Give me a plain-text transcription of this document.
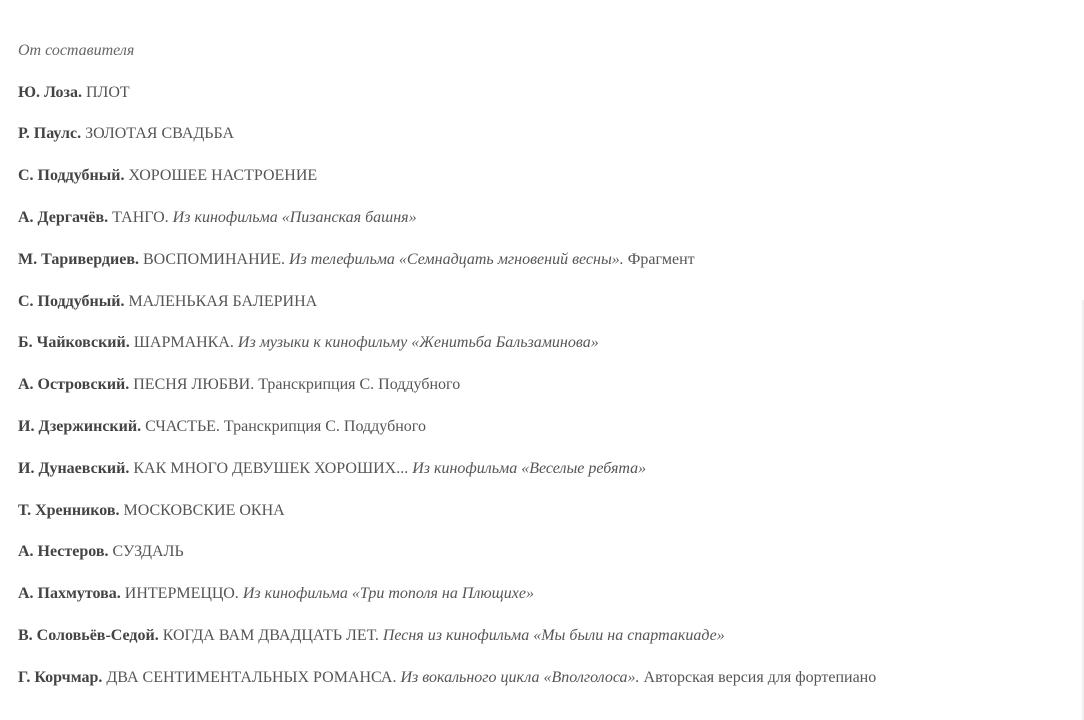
От составителя
Ю. Лоза. ПЛОТ
Р. Паулс. ЗОЛОТАЯ СВАДЬБА
С. Поддубный. ХОРОШЕЕ НАСТРОЕНИЕ
А. Дергачёв. ТАНГО. Из кинофильма «Пизанская башня»
М. Таривердиев. ВОСПОМИНАНИЕ. Из телефильма «Семнадцать мгновений весны». Фрагмент
С. Поддубный. МАЛЕНЬКАЯ БАЛЕРИНА
Б. Чайковский. ШАРМАНКА. Из музыки к кинофильму «Женитьба Бальзаминова»
А. Островский. ПЕСНЯ ЛЮБВИ. Транскрипция С. Поддубного
И. Дзержинский. СЧАСТЬЕ. Транскрипция С. Поддубного
И. Дунаевский. КАК МНОГО ДЕВУШЕК ХОРОШИХ... Из кинофильма «Веселые ребята»
Т. Хренников. МОСКОВСКИЕ ОКНА
А. Нестеров. СУЗДАЛЬ
А. Пахмутова. ИНТЕРМЕЦЦО. Из кинофильма «Три тополя на Плющихе»
В. Соловьёв-Седой. КОГДА ВАМ ДВАДЦАТЬ ЛЕТ. Песня из кинофильма «Мы были на спартакиаде»
Г. Корчмар. ДВА СЕНТИМЕНТАЛЬНЫХ РОМАНСА. Из вокального цикла «Вполголоса». Авторская версия для фортепиано
